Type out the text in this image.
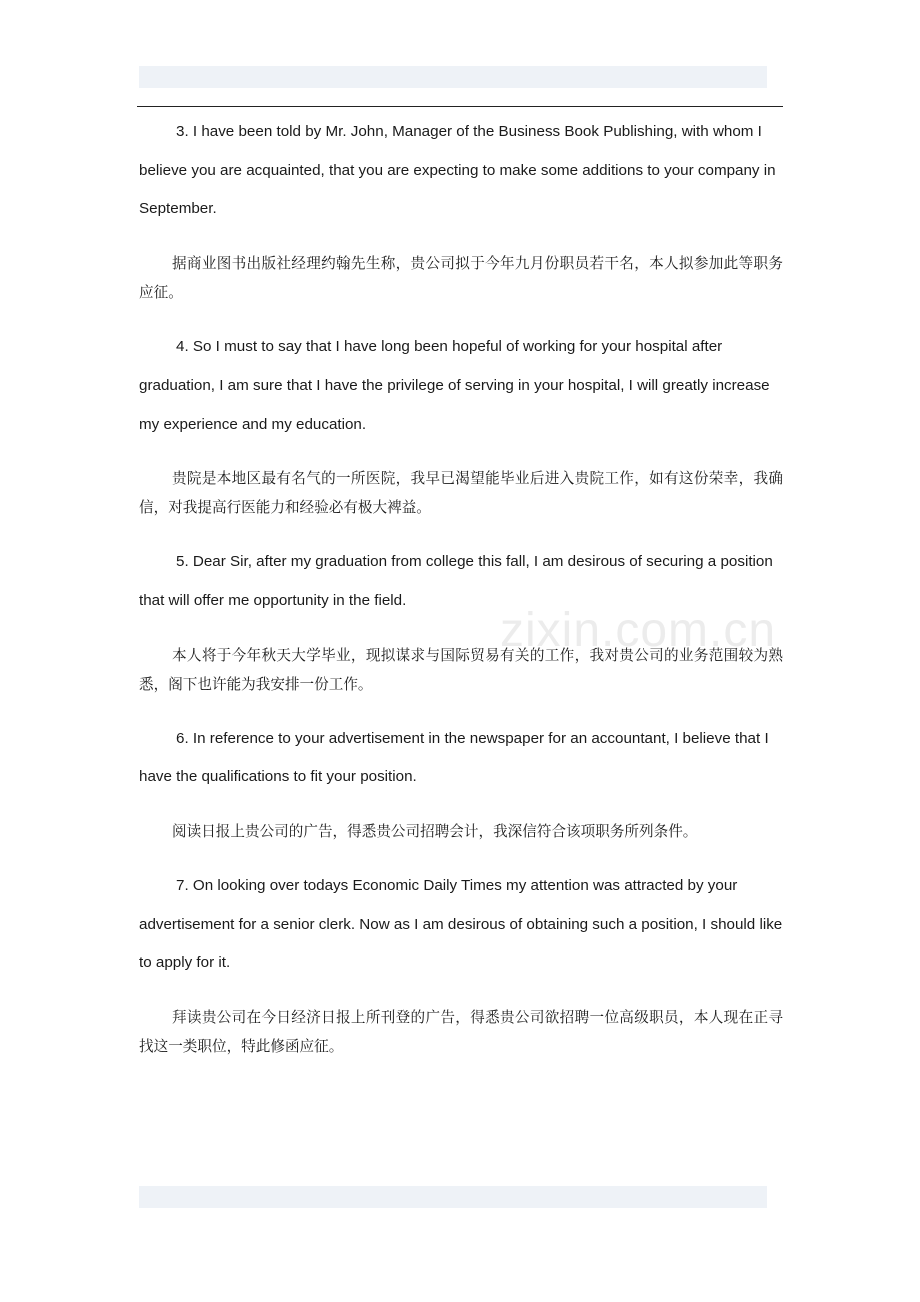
zixin.com.cn

3. I have been told by Mr. John, Manager of the Business Book Publishing, with whom I believe you are acquainted, that you are expecting to make some additions to your company in September.

据商业图书出版社经理约翰先生称，贵公司拟于今年九月份职员若干名，本人拟参加此等职务应征。

4. So I must to say that I have long been hopeful of working for your hospital after graduation, I am sure that I have the privilege of serving in your hospital, I will greatly increase my experience and my education.

贵院是本地区最有名气的一所医院，我早已渴望能毕业后进入贵院工作，如有这份荣幸，我确信，对我提高行医能力和经验必有极大裨益。

5. Dear Sir, after my graduation from college this fall, I am desirous of securing a position that will offer me opportunity in the field.

本人将于今年秋天大学毕业，现拟谋求与国际贸易有关的工作，我对贵公司的业务范围较为熟悉，阁下也许能为我安排一份工作。

6. In reference to your advertisement in the newspaper for an accountant, I believe that I have the qualifications to fit your position.

阅读日报上贵公司的广告，得悉贵公司招聘会计，我深信符合该项职务所列条件。

7. On looking over todays Economic Daily Times my attention was attracted by your advertisement for a senior clerk. Now as I am desirous of obtaining such a position, I should like to apply for it.

拜读贵公司在今日经济日报上所刊登的广告，得悉贵公司欲招聘一位高级职员，本人现在正寻找这一类职位，特此修函应征。
